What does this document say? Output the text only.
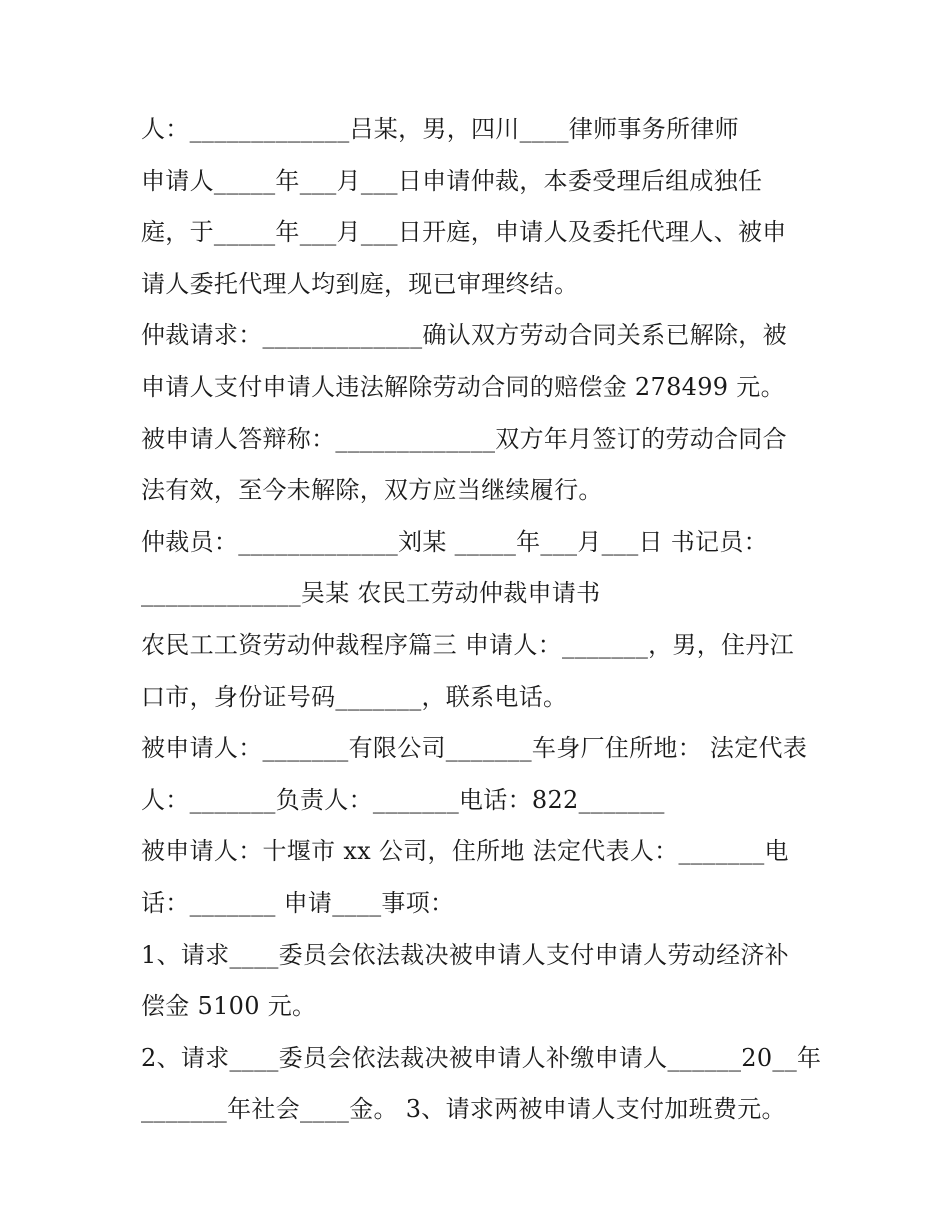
人：_____________吕某，男，四川____律师事务所律师
申请人_____年___月___日申请仲裁，本委受理后组成独任
庭，于_____年___月___日开庭，申请人及委托代理人、被申
请人委托代理人均到庭，现已审理终结。
仲裁请求：_____________确认双方劳动合同关系已解除，被
申请人支付申请人违法解除劳动合同的赔偿金 278499 元。
被申请人答辩称：_____________双方年月签订的劳动合同合
法有效，至今未解除，双方应当继续履行。
仲裁员：_____________刘某 _____年___月___日 书记员：
_____________吴某 农民工劳动仲裁申请书
农民工工资劳动仲裁程序篇三 申请人：_______，男，住丹江
口市，身份证号码_______，联系电话。
被申请人：_______有限公司_______车身厂住所地： 法定代表
人：_______负责人：_______电话：822_______
被申请人：十堰市 xx 公司，住所地 法定代表人：_______电
话：_______ 申请____事项：
1、请求____委员会依法裁决被申请人支付申请人劳动经济补
偿金 5100 元。
2、请求____委员会依法裁决被申请人补缴申请人______20__年
_______年社会____金。 3、请求两被申请人支付加班费元。
